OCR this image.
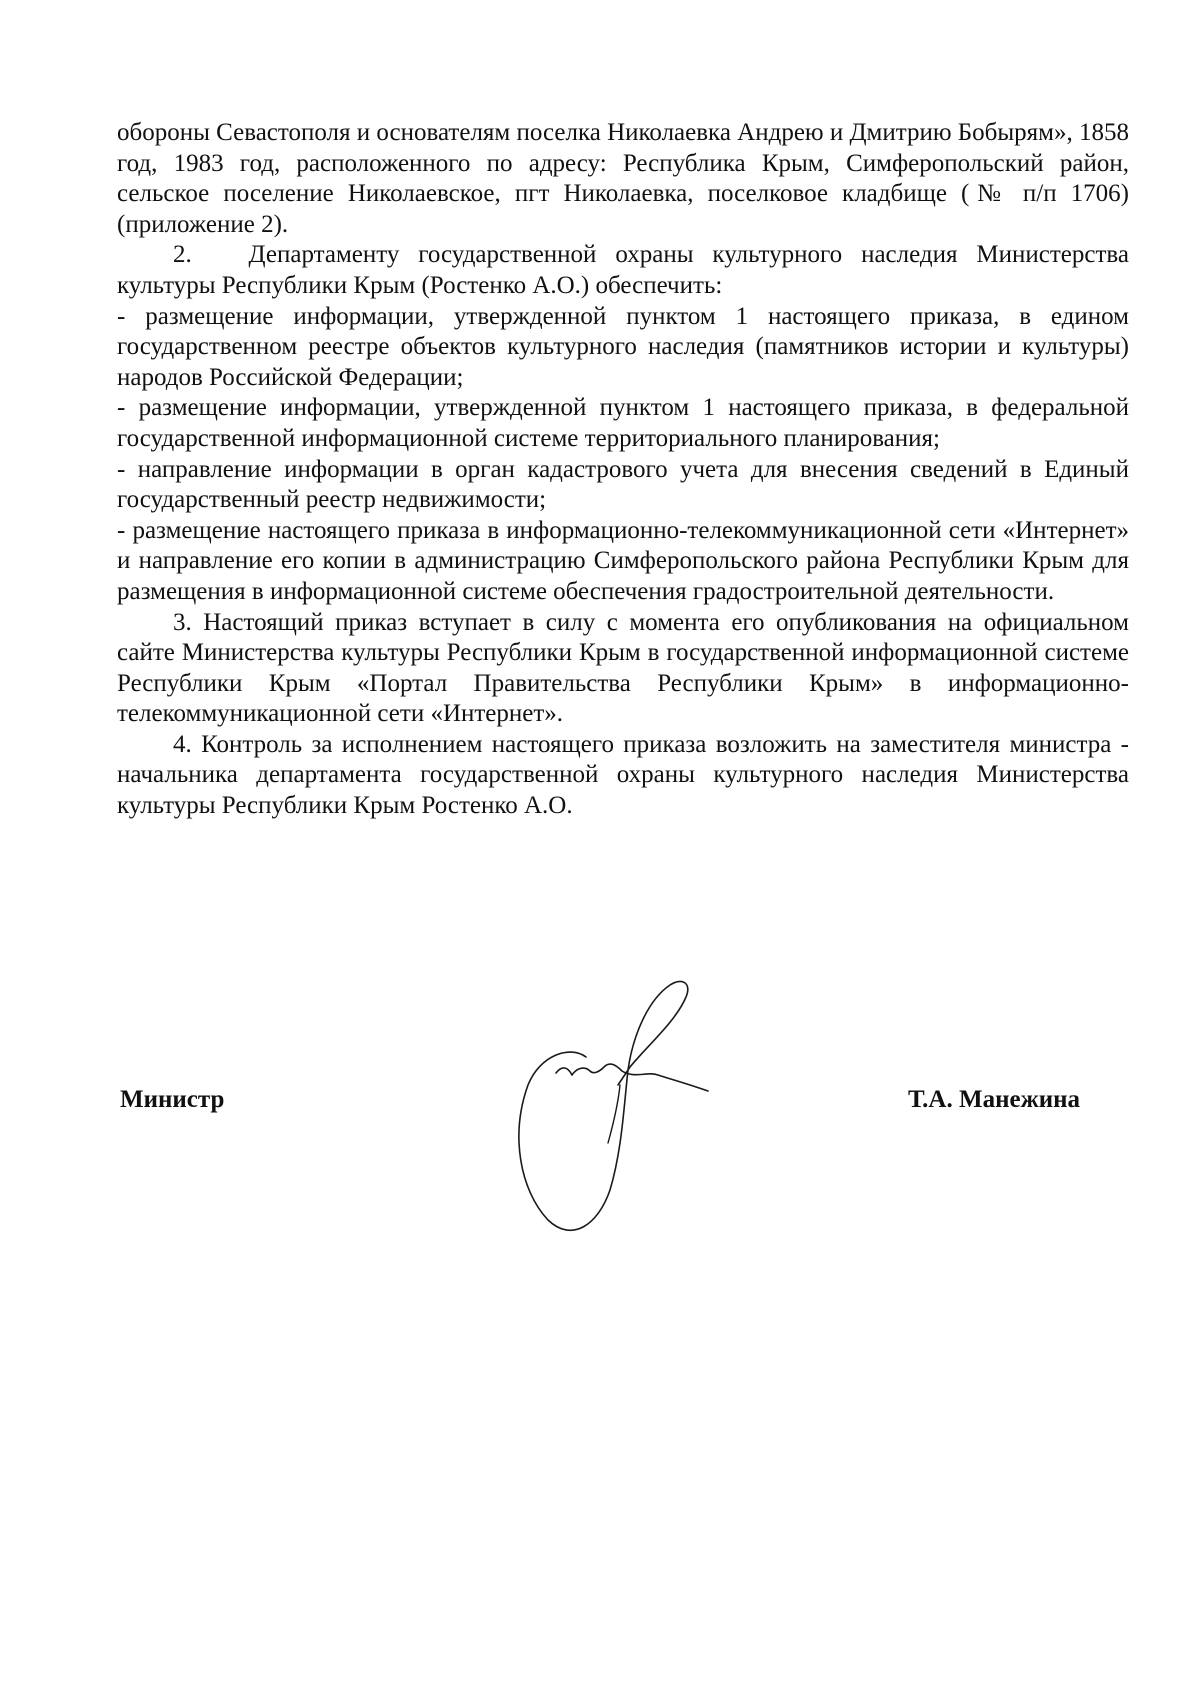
обороны Севастополя и основателям поселка Николаевка Андрею и Дмитрию Бобырям», 1858 год, 1983 год, расположенного по адресу: Республика Крым, Симферопольский район, сельское поселение Николаевское, пгт Николаевка, поселковое кладбище (№ п/п 1706) (приложение 2).

2.   Департаменту государственной охраны культурного наследия Министерства культуры Республики Крым (Ростенко А.О.) обеспечить:

- размещение информации, утвержденной пунктом 1 настоящего приказа, в едином государственном реестре объектов культурного наследия (памятников истории и культуры) народов Российской Федерации;

- размещение информации, утвержденной пунктом 1 настоящего приказа, в федеральной государственной информационной системе территориального планирования;

- направление информации в орган кадастрового учета для внесения сведений в Единый государственный реестр недвижимости;

- размещение настоящего приказа в информационно-телекоммуникационной сети «Интернет» и направление его копии в администрацию Симферопольского района Республики Крым для размещения в информационной системе обеспечения градостроительной деятельности.

3. Настоящий приказ вступает в силу с момента его опубликования на официальном сайте Министерства культуры Республики Крым в государственной информационной системе Республики Крым «Портал Правительства Республики Крым» в информационно-телекоммуникационной сети «Интернет».

4. Контроль за исполнением настоящего приказа возложить на заместителя министра - начальника департамента государственной охраны культурного наследия Министерства культуры Республики Крым Ростенко А.О.

Министр	Т.А. Манежина
